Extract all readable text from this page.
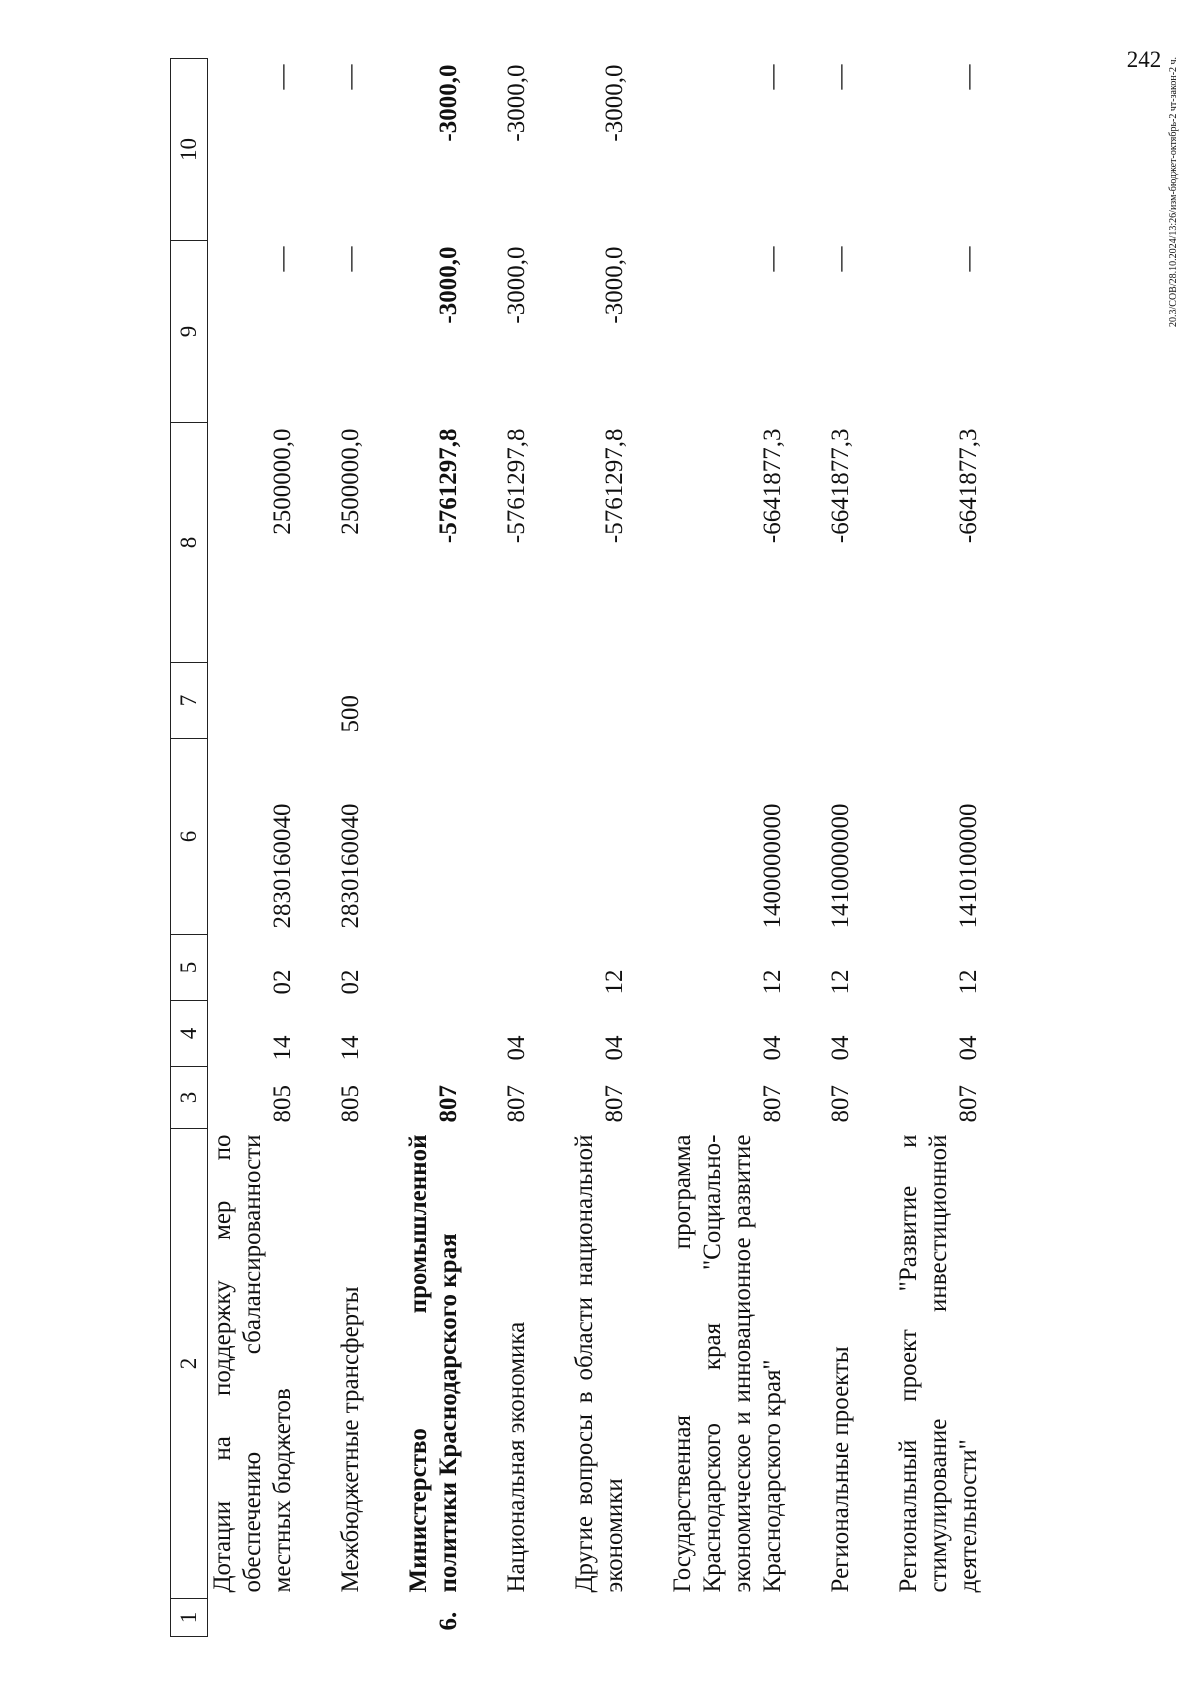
242 20.3/СОВ/28.10.2024/13:26/изм-бюджет-октябрь-2 чт-закон-2 ч.
1	2	3	4	5	6	7	8	9	10
	Дотации на поддержку мер по обеспечению сбалансированности местных бюджетов	805	14	02	2830160040		2500000,0	—	—

	Межбюджетные трансферты	805	14	02	2830160040	500	2500000,0	—	—

6.	Министерство промышленной политики Краснодарского края	807					-5761297,8	-3000,0	-3000,0

	Национальная экономика	807	04				-5761297,8	-3000,0	-3000,0

	Другие вопросы в области национальной экономики	807	04	12			-5761297,8	-3000,0	-3000,0

	Государственная программа Краснодарского края "Социально-экономическое и инновационное развитие Краснодарского края"	807	04	12	1400000000		-6641877,3	—	—

	Региональные проекты	807	04	12	1410000000		-6641877,3	—	—

	Региональный проект "Развитие и стимулирование инвестиционной деятельности"	807	04	12	1410100000		-6641877,3	—	—
